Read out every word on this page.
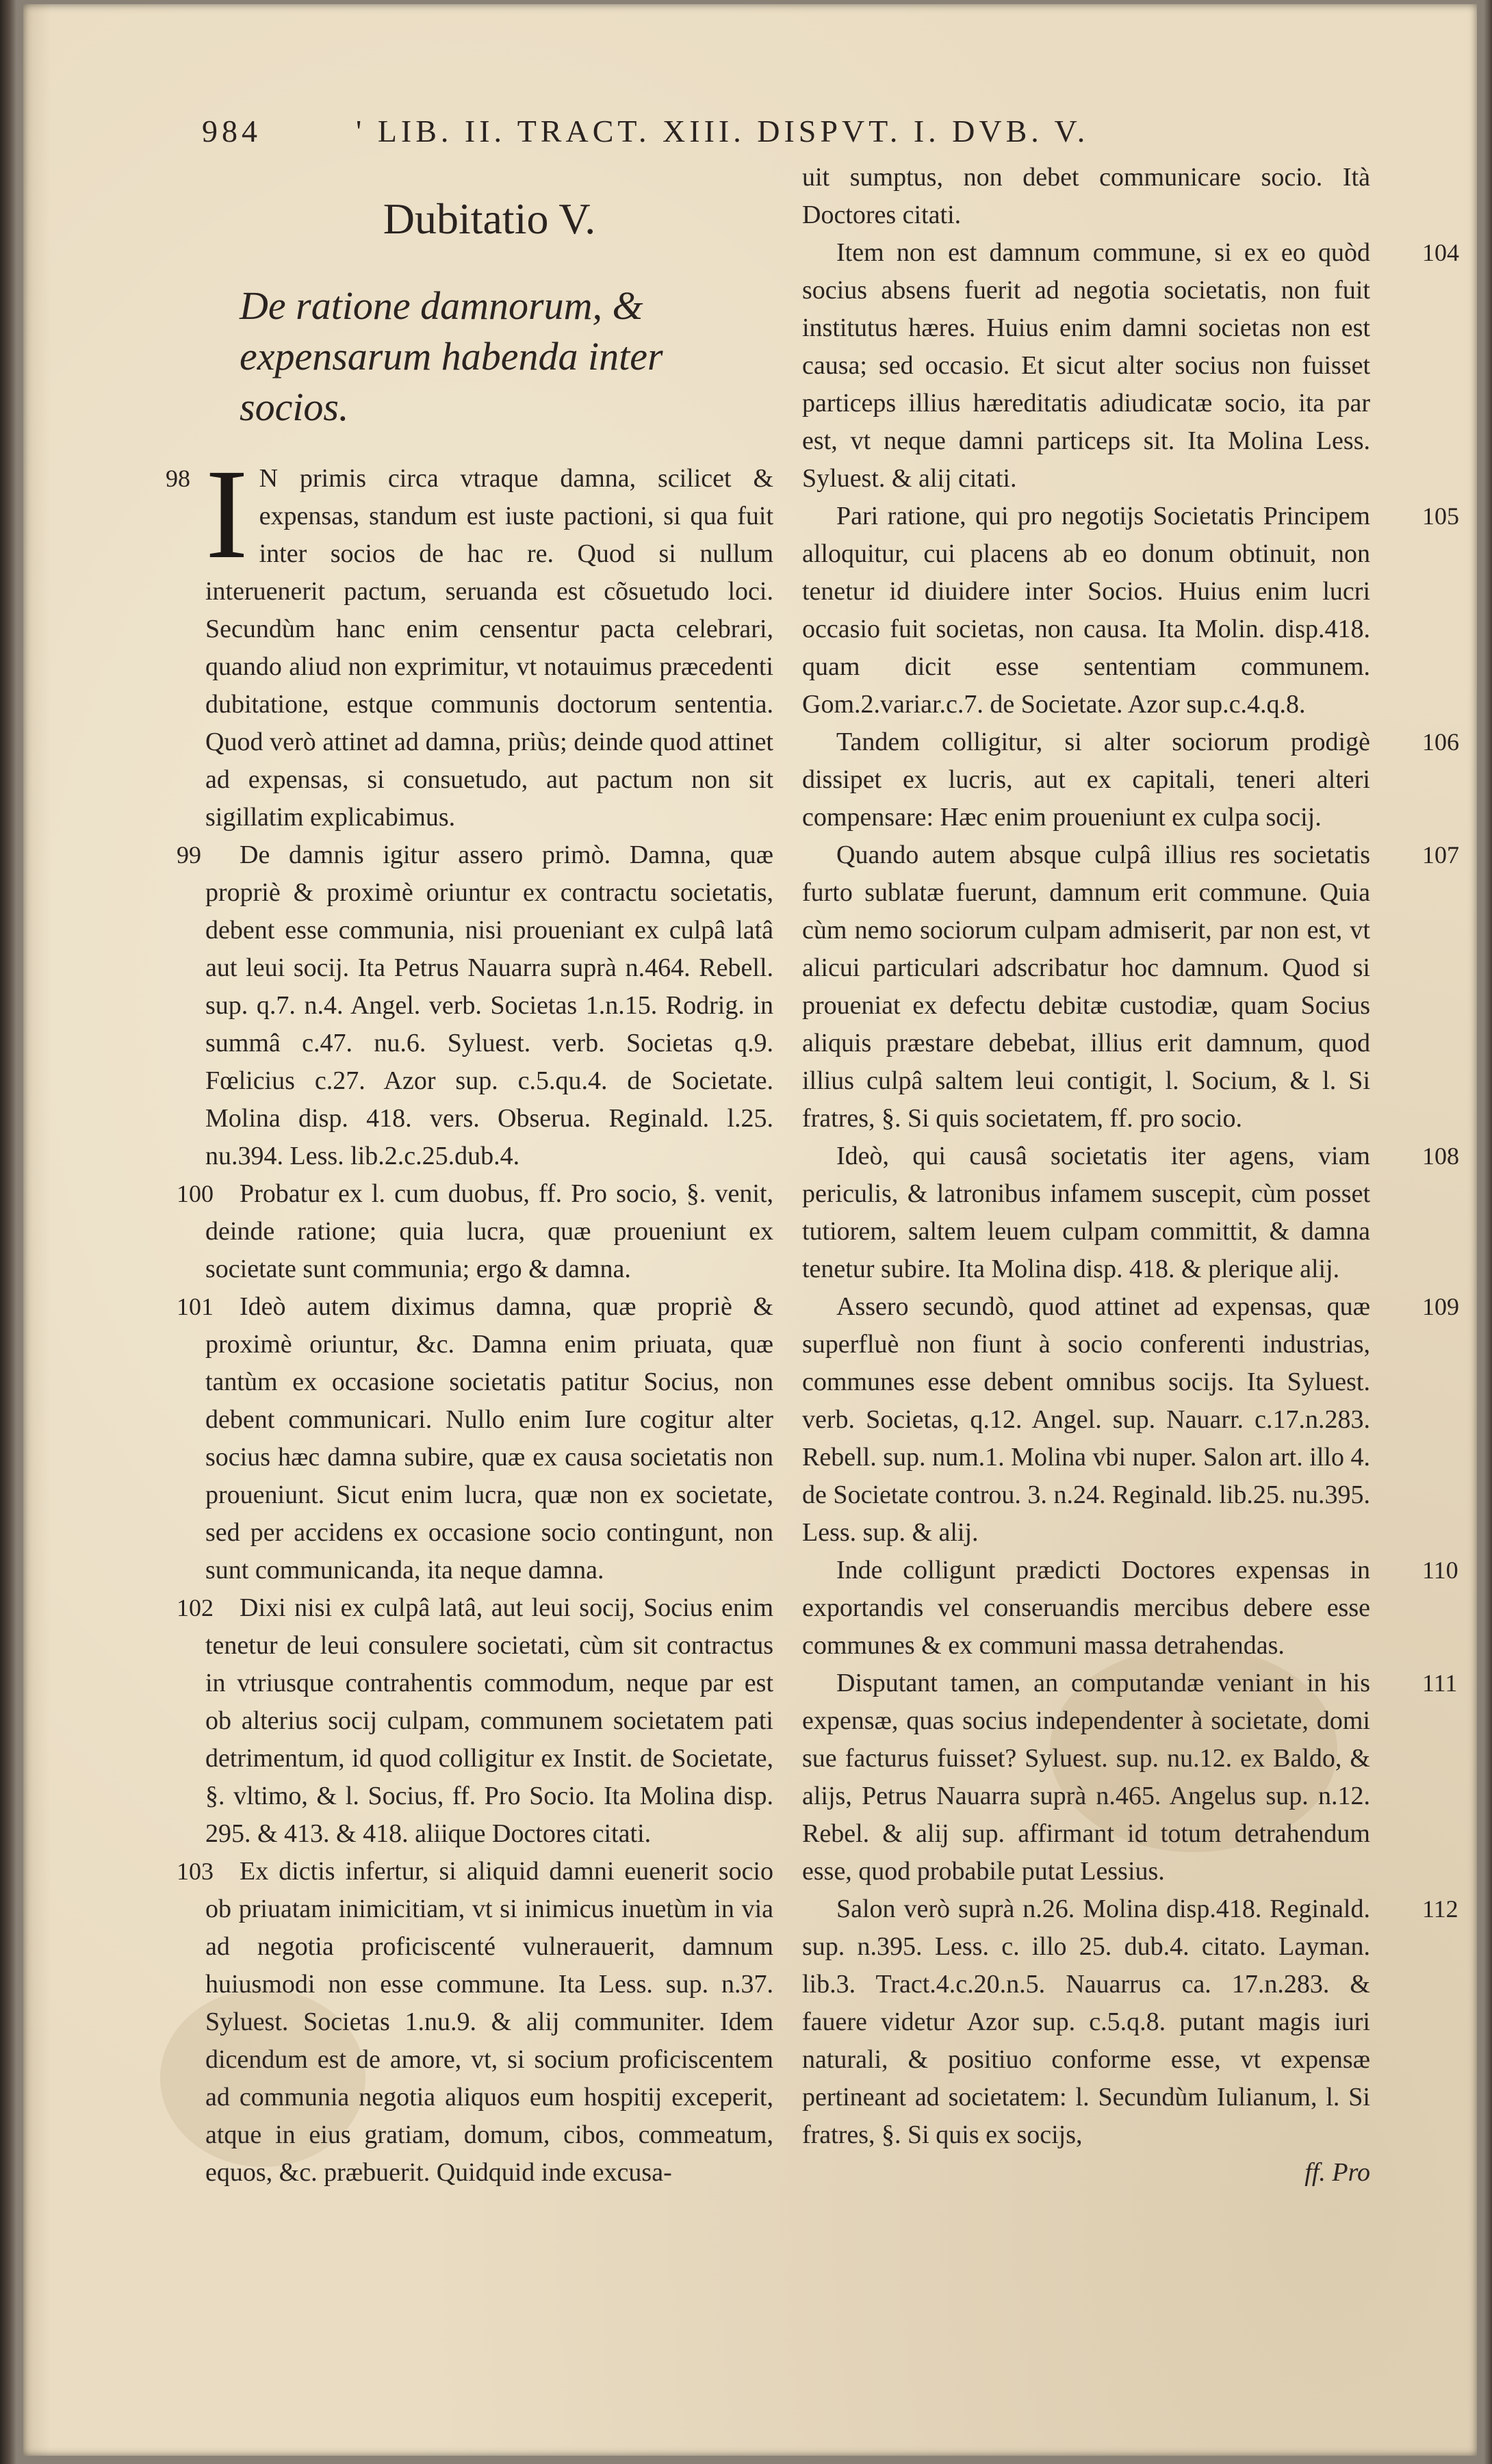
984	' LIB. II. TRACT. XIII. DISPVT. I. DVB. V.
Dubitatio V.
De ratione damnorum, & expensarum habenda inter socios.

98 I N primis circa vtraque damna, scilicet & expensas, standum est iuste pactioni, si qua fuit inter socios de hac re. Quod si nullum interuenerit pactum, seruanda est cõsuetudo loci. Secundùm hanc enim censentur pacta celebrari, quando aliud non exprimitur, vt notauimus præcedenti dubitatione, estque communis doctorum sententia. Quod verò attinet ad damna, priùs; deinde quod attinet ad expensas, si consuetudo, aut pactum non sit sigillatim explicabimus.

99 De damnis igitur assero primò. Damna, quæ propriè & proximè oriuntur ex contractu societatis, debent esse communia, nisi proueniant ex culpâ latâ aut leui socij. Ita Petrus Nauarra suprà n.464. Rebell. sup. q.7. n.4. Angel. verb. Societas 1.n.15. Rodrig. in summâ c.47. nu.6. Syluest. verb. Societas q.9. Fœlicius c.27. Azor sup. c.5.qu.4. de Societate. Molina disp. 418. vers. Obserua. Reginald. l.25. nu.394. Less. lib.2.c.25.dub.4.

100 Probatur ex l. cum duobus, ff. Pro socio, §. venit, deinde ratione; quia lucra, quæ proueniunt ex societate sunt communia; ergo & damna.

101 Ideò autem diximus damna, quæ propriè & proximè oriuntur, &c. Damna enim priuata, quæ tantùm ex occasione societatis patitur Socius, non debent communicari. Nullo enim Iure cogitur alter socius hæc damna subire, quæ ex causa societatis non proueniunt. Sicut enim lucra, quæ non ex societate, sed per accidens ex occasione socio contingunt, non sunt communicanda, ita neque damna.

102 Dixi nisi ex culpâ latâ, aut leui socij, Socius enim tenetur de leui consulere societati, cùm sit contractus in vtriusque contrahentis commodum, neque par est ob alterius socij culpam, communem societatem pati detrimentum, id quod colligitur ex Instit. de Societate, §. vltimo, & l. Socius, ff. Pro Socio. Ita Molina disp. 295. & 413. & 418. aliique Doctores citati.

103 Ex dictis infertur, si aliquid damni euenerit socio ob priuatam inimicitiam, vt si inimicus inuetùm in via ad negotia proficiscenté vulnerauerit, damnum huiusmodi non esse commune. Ita Less. sup. n.37. Syluest. Societas 1.nu.9. & alij communiter. Idem dicendum est de amore, vt, si socium proficiscentem ad communia negotia aliquos eum hospitij exceperit, atque in eius gratiam, domum, cibos, commeatum, equos, &c. præbuerit. Quidquid inde excusa-

uit sumptus, non debet communicare socio. Ità Doctores citati.

104
Item non est damnum commune, si ex eo quòd socius absens fuerit ad negotia societatis, non fuit institutus hæres. Huius enim damni societas non est causa; sed occasio. Et sicut alter socius non fuisset particeps illius hæreditatis adiudicatæ socio, ita par est, vt neque damni particeps sit. Ita Molina Less. Syluest. & alij citati.

105
Pari ratione, qui pro negotijs Societatis Principem alloquitur, cui placens ab eo donum obtinuit, non tenetur id diuidere inter Socios. Huius enim lucri occasio fuit societas, non causa. Ita Molin. disp.418. quam dicit esse sententiam communem. Gom.2.variar.c.7. de Societate. Azor sup.c.4.q.8.

106
Tandem colligitur, si alter sociorum prodigè dissipet ex lucris, aut ex capitali, teneri alteri compensare: Hæc enim proueniunt ex culpa socij.

107
Quando autem absque culpâ illius res societatis furto sublatæ fuerunt, damnum erit commune. Quia cùm nemo sociorum culpam admiserit, par non est, vt alicui particulari adscribatur hoc damnum. Quod si proueniat ex defectu debitæ custodiæ, quam Socius aliquis præstare debebat, illius erit damnum, quod illius culpâ saltem leui contigit, l. Socium, & l. Si fratres, §. Si quis societatem, ff. pro socio.

108
Ideò, qui causâ societatis iter agens, viam periculis, & latronibus infamem suscepit, cùm posset tutiorem, saltem leuem culpam committit, & damna tenetur subire. Ita Molina disp. 418. & plerique alij.

109
Assero secundò, quod attinet ad expensas, quæ superfluè non fiunt à socio conferenti industrias, communes esse debent omnibus socijs. Ita Syluest. verb. Societas, q.12. Angel. sup. Nauarr. c.17.n.283. Rebell. sup. num.1. Molina vbi nuper. Salon art. illo 4. de Societate controu. 3. n.24. Reginald. lib.25. nu.395. Less. sup. & alij.

110
Inde colligunt prædicti Doctores expensas in exportandis vel conseruandis mercibus debere esse communes & ex communi massa detrahendas.

111
Disputant tamen, an computandæ veniant in his expensæ, quas socius independenter à societate, domi sue facturus fuisset? Syluest. sup. nu.12. ex Baldo, & alijs, Petrus Nauarra suprà n.465. Angelus sup. n.12. Rebel. & alij sup. affirmant id totum detrahendum esse, quod probabile putat Lessius.

112
Salon verò suprà n.26. Molina disp.418. Reginald. sup. n.395. Less. c. illo 25. dub.4. citato. Layman. lib.3. Tract.4.c.20.n.5. Nauarrus ca. 17.n.283. & fauere videtur Azor sup. c.5.q.8. putant magis iuri naturali, & positiuo conforme esse, vt expensæ pertineant ad societatem: l. Secundùm Iulianum, l. Si fratres, §. Si quis ex socijs,

ff. Pro
